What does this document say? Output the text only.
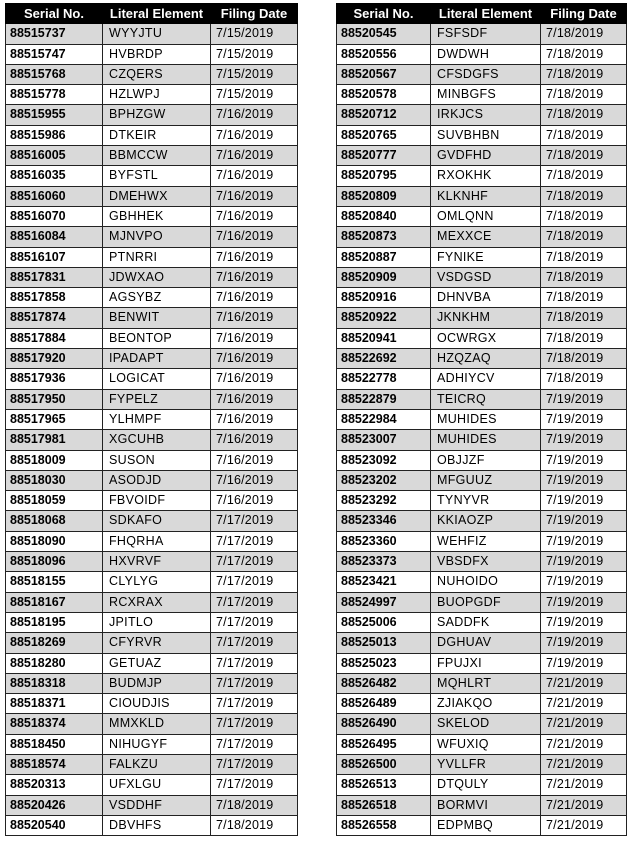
Serial No.	Literal Element	Filing Date
88515737	WYYJTU	7/15/2019
88515747	HVBRDP	7/15/2019
88515768	CZQERS	7/15/2019
88515778	HZLWPJ	7/15/2019
88515955	BPHZGW	7/16/2019
88515986	DTKEIR	7/16/2019
88516005	BBMCCW	7/16/2019
88516035	BYFSTL	7/16/2019
88516060	DMEHWX	7/16/2019
88516070	GBHHEK	7/16/2019
88516084	MJNVPO	7/16/2019
88516107	PTNRRI	7/16/2019
88517831	JDWXAO	7/16/2019
88517858	AGSYBZ	7/16/2019
88517874	BENWIT	7/16/2019
88517884	BEONTOP	7/16/2019
88517920	IPADAPT	7/16/2019
88517936	LOGICAT	7/16/2019
88517950	FYPELZ	7/16/2019
88517965	YLHMPF	7/16/2019
88517981	XGCUHB	7/16/2019
88518009	SUSON	7/16/2019
88518030	ASODJD	7/16/2019
88518059	FBVOIDF	7/16/2019
88518068	SDKAFO	7/17/2019
88518090	FHQRHA	7/17/2019
88518096	HXVRVF	7/17/2019
88518155	CLYLYG	7/17/2019
88518167	RCXRAX	7/17/2019
88518195	JPITLO	7/17/2019
88518269	CFYRVR	7/17/2019
88518280	GETUAZ	7/17/2019
88518318	BUDMJP	7/17/2019
88518371	CIOUDJIS	7/17/2019
88518374	MMXKLD	7/17/2019
88518450	NIHUGYF	7/17/2019
88518574	FALKZU	7/17/2019
88520313	UFXLGU	7/17/2019
88520426	VSDDHF	7/18/2019
88520540	DBVHFS	7/18/2019
Serial No.	Literal Element	Filing Date
88520545	FSFSDF	7/18/2019
88520556	DWDWH	7/18/2019
88520567	CFSDGFS	7/18/2019
88520578	MINBGFS	7/18/2019
88520712	IRKJCS	7/18/2019
88520765	SUVBHBN	7/18/2019
88520777	GVDFHD	7/18/2019
88520795	RXOKHK	7/18/2019
88520809	KLKNHF	7/18/2019
88520840	OMLQNN	7/18/2019
88520873	MEXXCE	7/18/2019
88520887	FYNIKE	7/18/2019
88520909	VSDGSD	7/18/2019
88520916	DHNVBA	7/18/2019
88520922	JKNKHM	7/18/2019
88520941	OCWRGX	7/18/2019
88522692	HZQZAQ	7/18/2019
88522778	ADHIYCV	7/18/2019
88522879	TEICRQ	7/19/2019
88522984	MUHIDES	7/19/2019
88523007	MUHIDES	7/19/2019
88523092	OBJJZF	7/19/2019
88523202	MFGUUZ	7/19/2019
88523292	TYNYVR	7/19/2019
88523346	KKIAOZP	7/19/2019
88523360	WEHFIZ	7/19/2019
88523373	VBSDFX	7/19/2019
88523421	NUHOIDO	7/19/2019
88524997	BUOPGDF	7/19/2019
88525006	SADDFK	7/19/2019
88525013	DGHUAV	7/19/2019
88525023	FPUJXI	7/19/2019
88526482	MQHLRT	7/21/2019
88526489	ZJIAKQO	7/21/2019
88526490	SKELOD	7/21/2019
88526495	WFUXIQ	7/21/2019
88526500	YVLLFR	7/21/2019
88526513	DTQULY	7/21/2019
88526518	BORMVI	7/21/2019
88526558	EDPMBQ	7/21/2019
